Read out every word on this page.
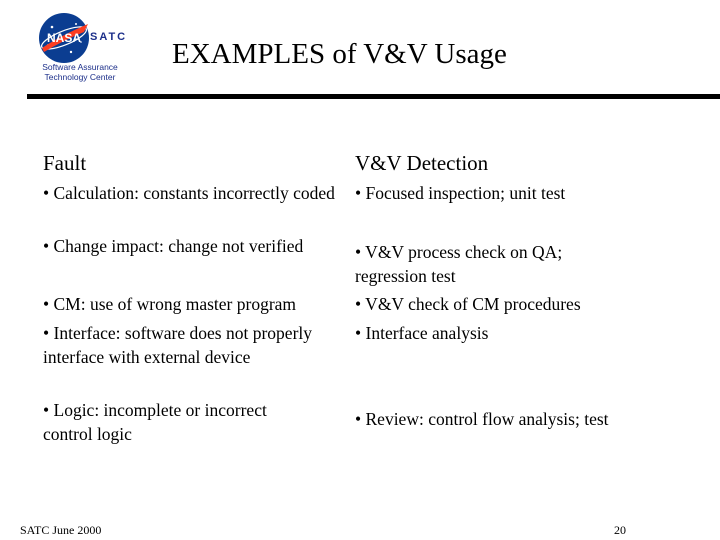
NASA SATC
Software Assurance
Technology Center
EXAMPLES of V&V Usage
Fault	V&V Detection
• Calculation: constants incorrectly coded
• Change impact: change not verified
• CM: use of wrong master program
• Interface: software does not properly interface with external device
• Logic: incomplete or incorrect control logic
• Focused inspection; unit test
• V&V process check on QA; regression test
• V&V check of CM procedures
• Interface analysis
• Review: control flow analysis; test
SATC June 2000	20
